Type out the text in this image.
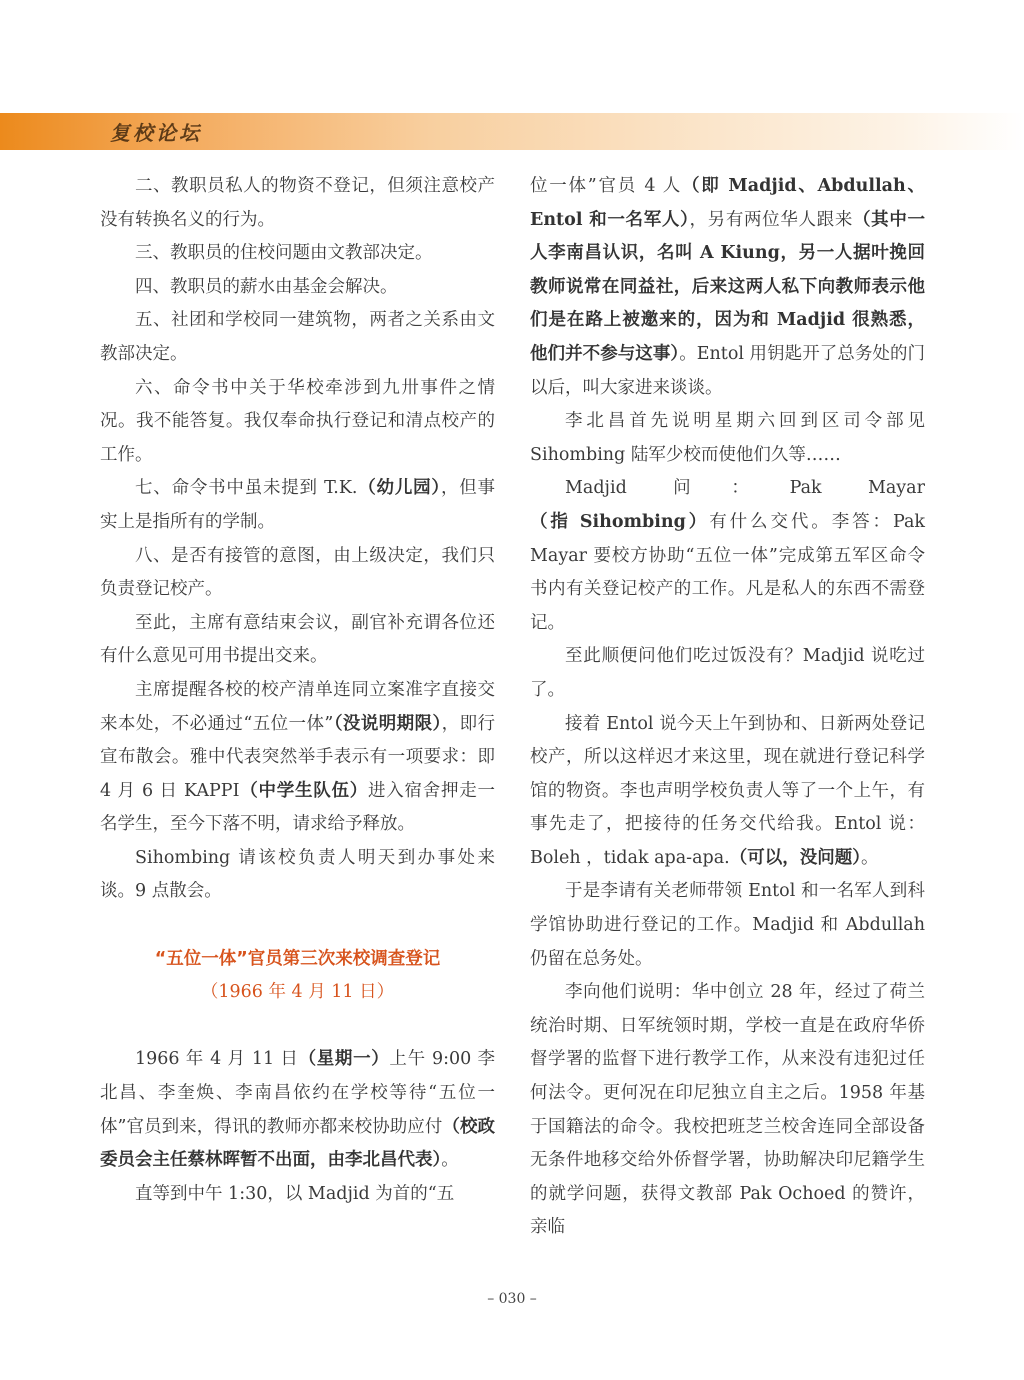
复校论坛

二、教职员私人的物资不登记，但须注意校产没有转换名义的行为。

三、教职员的住校问题由文教部决定。

四、教职员的薪水由基金会解决。

五、社团和学校同一建筑物，两者之关系由文教部决定。

六、命令书中关于华校牵涉到九卅事件之情况。我不能答复。我仅奉命执行登记和清点校产的工作。

七、命令书中虽未提到 T.K.（幼儿园），但事实上是指所有的学制。

八、是否有接管的意图，由上级决定，我们只负责登记校产。

至此，主席有意结束会议，副官补充谓各位还有什么意见可用书提出交来。

主席提醒各校的校产清单连同立案准字直接交来本处，不必通过“五位一体”（没说明期限），即行宣布散会。雅中代表突然举手表示有一项要求：即 4 月 6 日 KAPPI（中学生队伍）进入宿舍押走一名学生，至今下落不明，请求给予释放。

Sihombing 请该校负责人明天到办事处来谈。9 点散会。

“五位一体”官员第三次来校调查登记

（1966 年 4 月 11 日）

1966 年 4 月 11 日（星期一）上午 9:00 李北昌、李奎焕、李南昌依约在学校等待“五位一体”官员到来，得讯的教师亦都来校协助应付（校政委员会主任蔡林晖暂不出面，由李北昌代表）。

直等到中午 1:30，以 Madjid 为首的“五

位一体”官员 4 人（即 Madjid、Abdullah、Entol 和一名军人），另有两位华人跟来（其中一人李南昌认识，名叫 A Kiung，另一人据叶挽回教师说常在同益社，后来这两人私下向教师表示他们是在路上被邀来的，因为和 Madjid 很熟悉，他们并不参与这事）。Entol 用钥匙开了总务处的门以后，叫大家进来谈谈。

李北昌首先说明星期六回到区司令部见 Sihombing 陆军少校而使他们久等……

Madjid 问：Pak Mayar（指 Sihombing）有什么交代。李答：Pak Mayar 要校方协助“五位一体”完成第五军区命令书内有关登记校产的工作。凡是私人的东西不需登记。

至此顺便问他们吃过饭没有？Madjid 说吃过了。

接着 Entol 说今天上午到协和、日新两处登记校产，所以这样迟才来这里，现在就进行登记科学馆的物资。李也声明学校负责人等了一个上午，有事先走了，把接待的任务交代给我。Entol 说：Boleh ，tidak apa-apa.（可以，没问题）。

于是李请有关老师带领 Entol 和一名军人到科学馆协助进行登记的工作。Madjid 和 Abdullah 仍留在总务处。

李向他们说明：华中创立 28 年，经过了荷兰统治时期、日军统领时期，学校一直是在政府华侨督学署的监督下进行教学工作，从来没有违犯过任何法令。更何况在印尼独立自主之后。1958 年基于国籍法的命令。我校把班芝兰校舍连同全部设备无条件地移交给外侨督学署，协助解决印尼籍学生的就学问题，获得文教部 Pak Ochoed 的赞许，亲临

– 030 –
